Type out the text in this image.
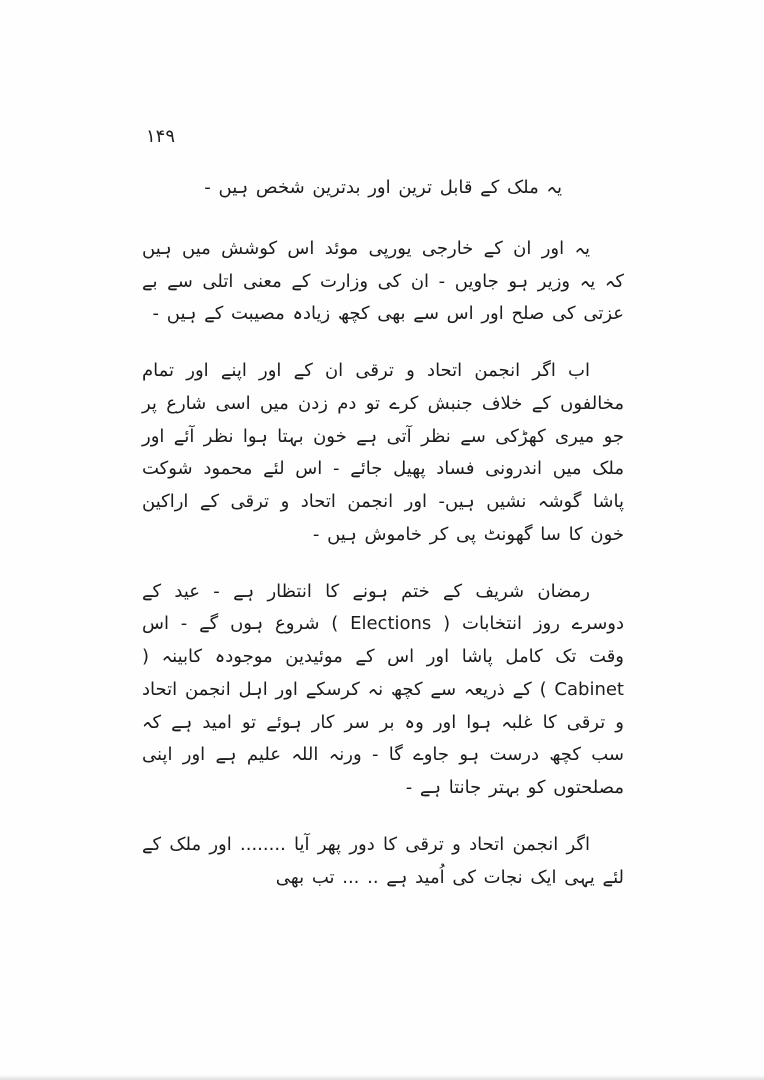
۱۴۹

یہ ملک کے قابل ترین اور بدترین شخص ہیں -

یہ اور ان کے خارجی یورپی موئد اس کوشش میں ہیں کہ یہ وزیر ہو جاویں - ان کی وزارت کے معنی اتلی سے بے عزتی کی صلح اور اس سے بھی کچھ زیادہ مصیبت کے ہیں -

اب اگر انجمن اتحاد و ترقی ان کے اور اپنے اور تمام مخالفوں کے خلاف جنبش کرے تو دم زدن میں اسی شارع پر جو میری کھڑکی سے نظر آتی ہے خون بہتا ہوا نظر آئے اور ملک میں اندرونی فساد پھیل جائے - اس لئے محمود شوکت پاشا گوشہ نشیں ہیں- اور انجمن اتحاد و ترقی کے اراکین خون کا سا گھونٹ پی کر خاموش ہیں -

رمضان شریف کے ختم ہونے کا انتظار ہے - عید کے دوسرے روز انتخابات ( Elections ) شروع ہوں گے - اس وقت تک کامل پاشا اور اس کے موئیدین موجودہ کابینہ ( Cabinet ) کے ذریعہ سے کچھ نہ کرسکے اور اہل انجمن اتحاد و ترقی کا غلبہ ہوا اور وہ بر سر کار ہوئے تو امید ہے کہ سب کچھ درست ہو جاوے گا - ورنہ اللہ علیم ہے اور اپنی مصلحتوں کو بہتر جانتا ہے -

اگر انجمن اتحاد و ترقی کا دور پھر آیا ........ اور ملک کے لئے یہی ایک نجات کی اُمید ہے .. ... تب بھی
